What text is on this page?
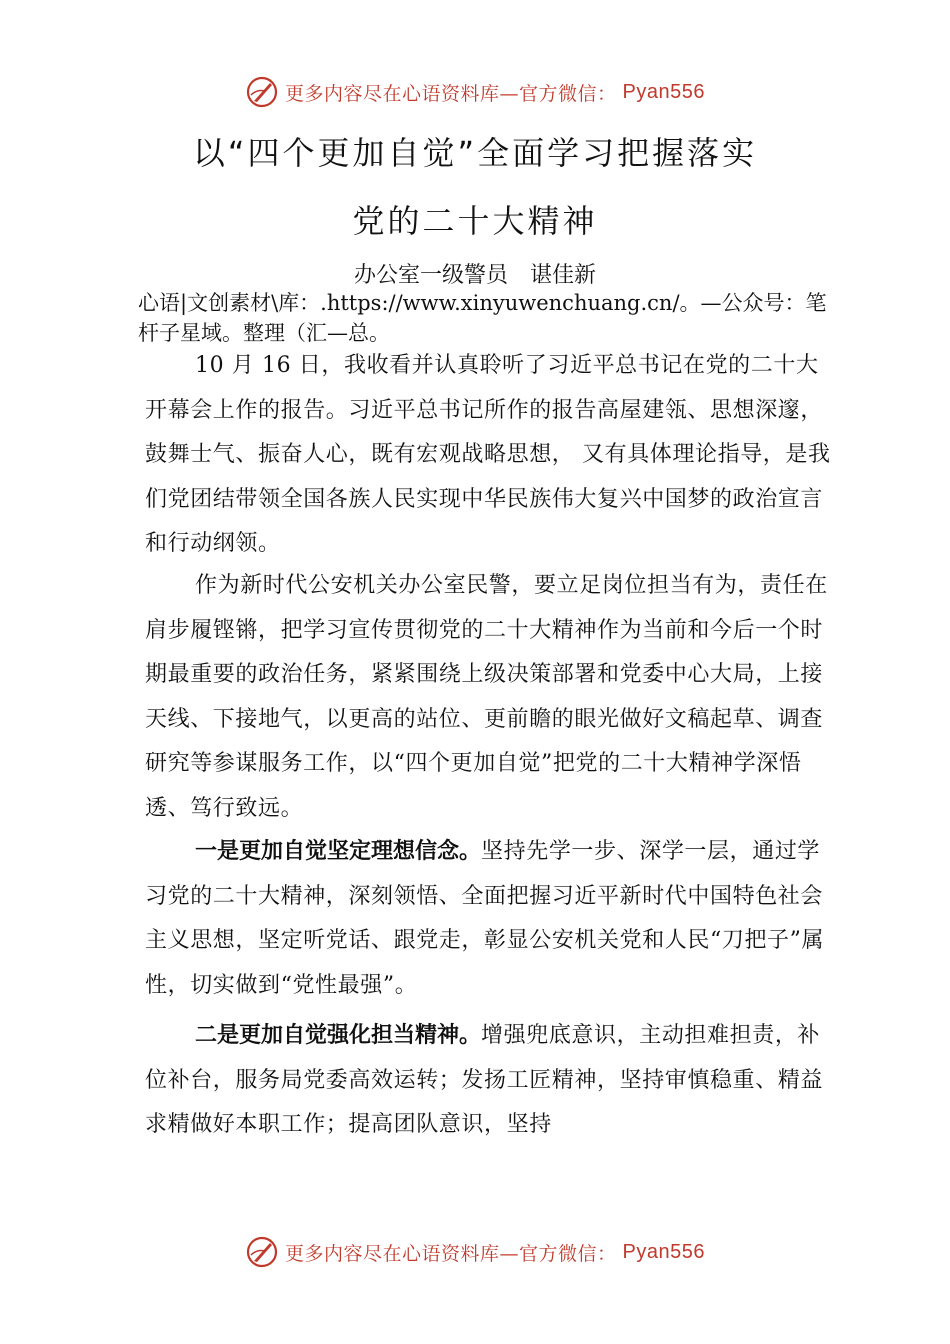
更多内容尽在心语资料库—官方微信： Pyan556
以“四个更加自觉”全面学习把握落实
党的二十大精神
办公室一级警员　谌佳新

心语|文创素材\库：.https://www.xinyuwenchuang.cn/。—公众号：笔杆子星域。整理（汇—总。

10 月 16 日，我收看并认真聆听了习近平总书记在党的二十大开幕会上作的报告。习近平总书记所作的报告高屋建瓴、思想深邃，鼓舞士气、振奋人心，既有宏观战略思想， 又有具体理论指导，是我们党团结带领全国各族人民实现中华民族伟大复兴中国梦的政治宣言和行动纲领。

作为新时代公安机关办公室民警，要立足岗位担当有为，责任在肩步履铿锵，把学习宣传贯彻党的二十大精神作为当前和今后一个时期最重要的政治任务，紧紧围绕上级决策部署和党委中心大局，上接天线、下接地气，以更高的站位、更前瞻的眼光做好文稿起草、调查研究等参谋服务工作，以“四个更加自觉”把党的二十大精神学深悟透、笃行致远。

一是更加自觉坚定理想信念。坚持先学一步、深学一层，通过学习党的二十大精神，深刻领悟、全面把握习近平新时代中国特色社会主义思想，坚定听党话、跟党走，彰显公安机关党和人民“刀把子”属性，切实做到“党性最强”。

二是更加自觉强化担当精神。增强兜底意识，主动担难担责，补位补台，服务局党委高效运转；发扬工匠精神，坚持审慎稳重、精益求精做好本职工作；提高团队意识，坚持

更多内容尽在心语资料库—官方微信： Pyan556
